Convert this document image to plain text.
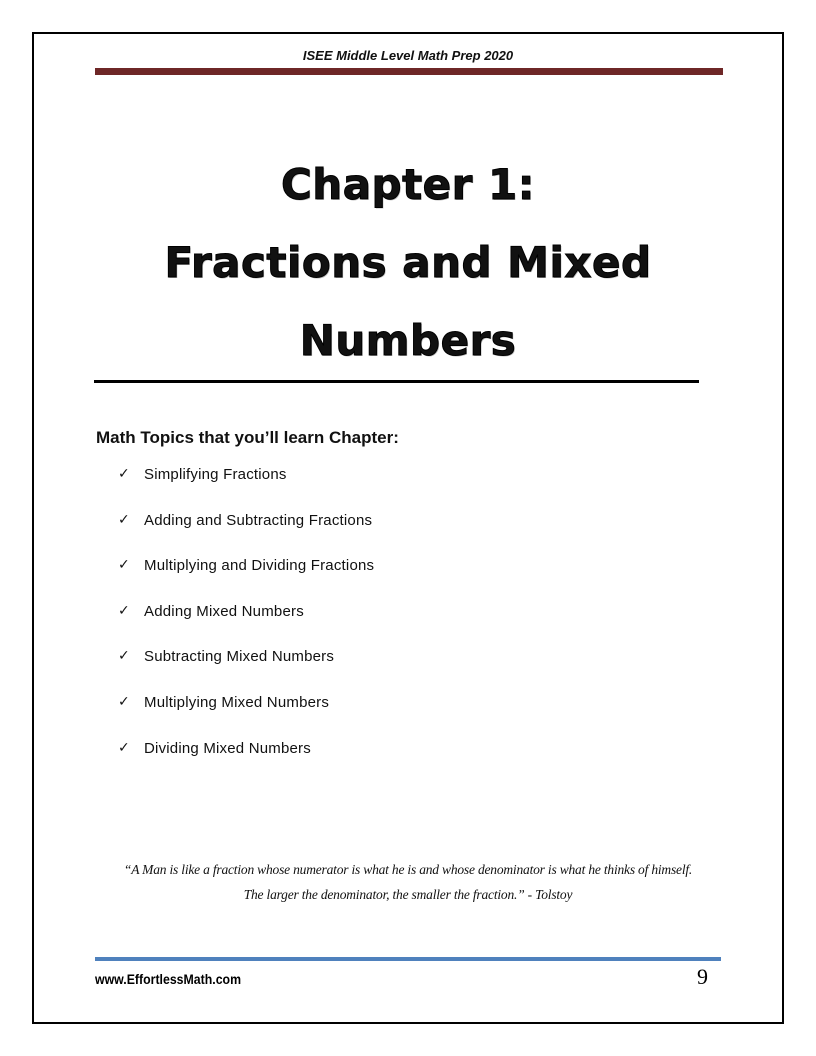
ISEE Middle Level Math Prep 2020
Chapter 1:
Fractions and Mixed
Numbers
Math Topics that you’ll learn Chapter:
✓ Simplifying Fractions
✓ Adding and Subtracting Fractions
✓ Multiplying and Dividing Fractions
✓ Adding Mixed Numbers
✓ Subtracting Mixed Numbers
✓ Multiplying Mixed Numbers
✓ Dividing Mixed Numbers
“A Man is like a fraction whose numerator is what he is and whose denominator is what he thinks of himself.
The larger the denominator, the smaller the fraction.” - Tolstoy
www.EffortlessMath.com	9
